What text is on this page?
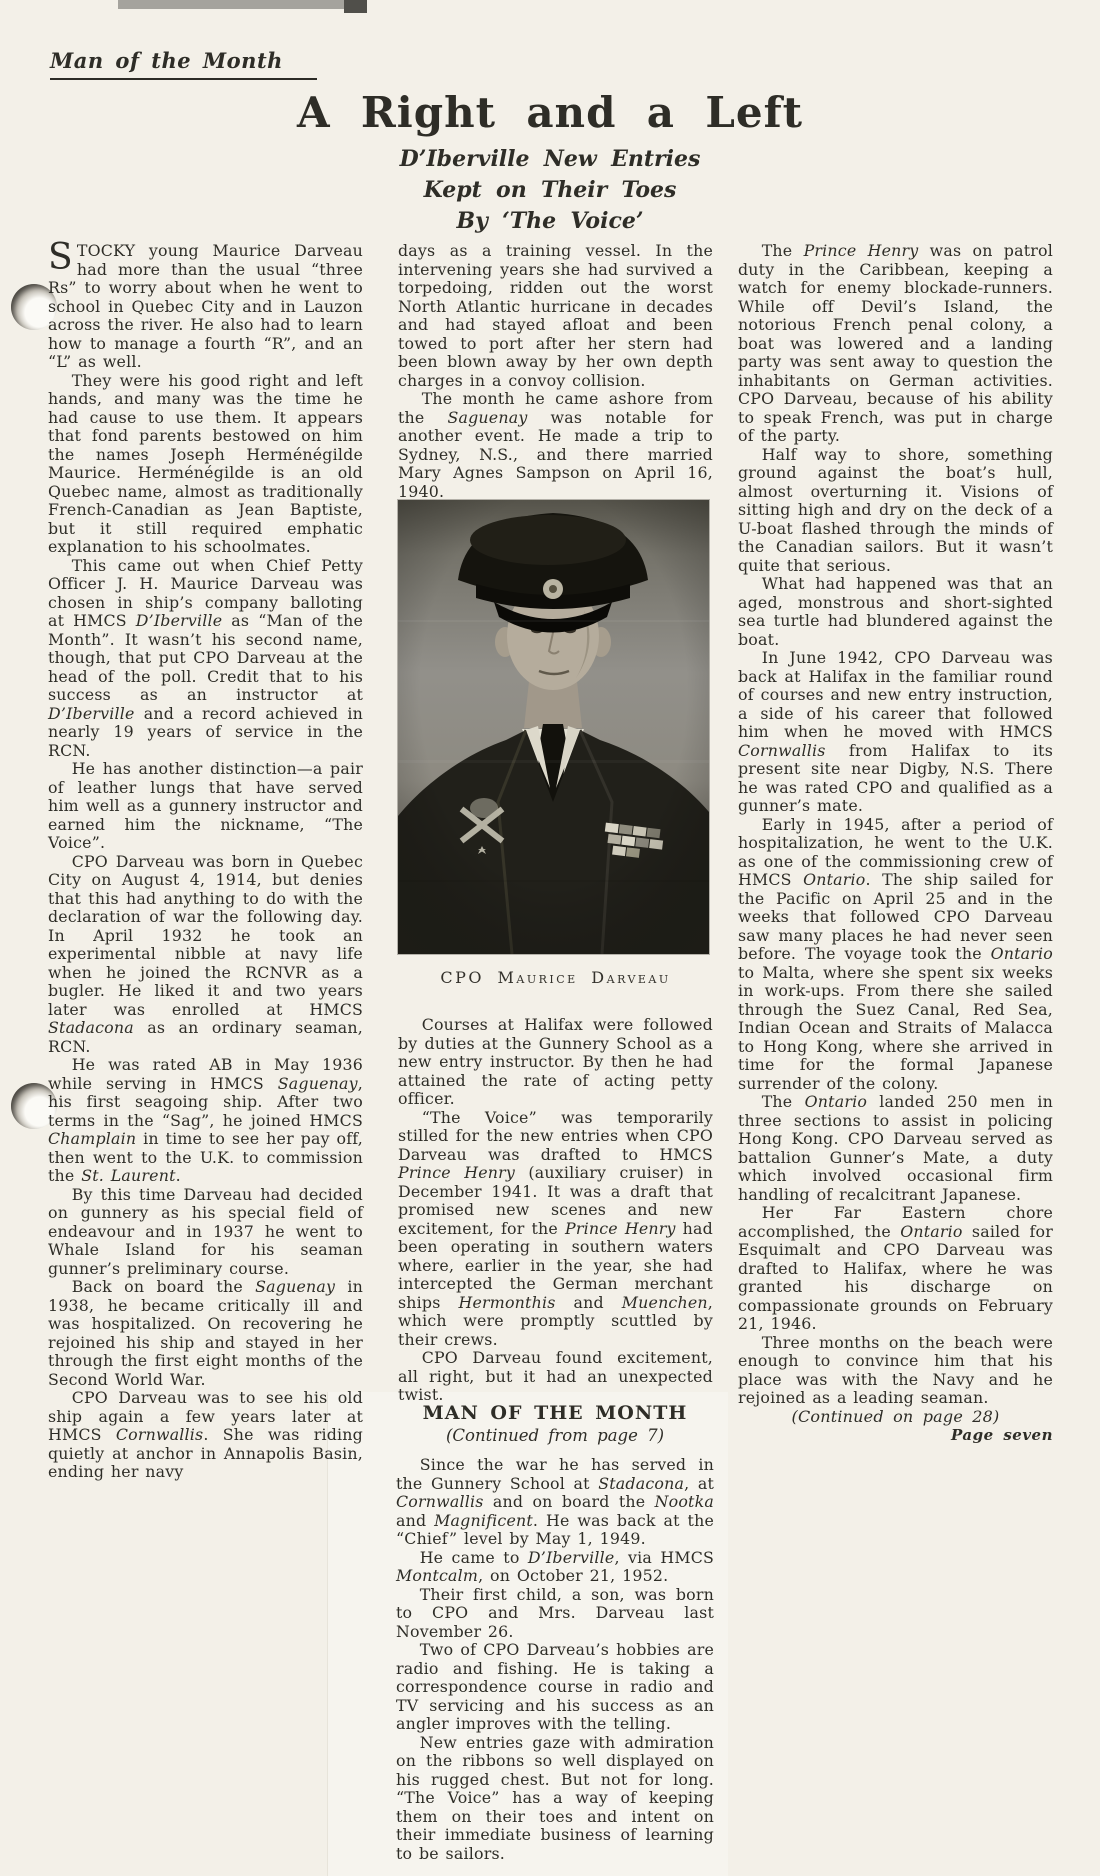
Man of the Month
A Right and a Left
D’Iberville New Entries
Kept on Their Toes
By ‘The Voice’

STOCKY young Maurice Darveau had more than the usual “three Rs” to worry about when he went to school in Quebec City and in Lauzon across the river. He also had to learn how to manage a fourth “R”, and an “L” as well.

They were his good right and left hands, and many was the time he had cause to use them. It appears that fond parents bestowed on him the names Joseph Herménégilde Maurice. Herménégilde is an old Quebec name, almost as traditionally French-Canadian as Jean Baptiste, but it still required emphatic explanation to his schoolmates.

This came out when Chief Petty Officer J. H. Maurice Darveau was chosen in ship’s company balloting at HMCS D’Iberville as “Man of the Month”. It wasn’t his second name, though, that put CPO Darveau at the head of the poll. Credit that to his success as an instructor at D’Iberville and a record achieved in nearly 19 years of service in the RCN.

He has another distinction—a pair of leather lungs that have served him well as a gunnery instructor and earned him the nickname, “The Voice”.

CPO Darveau was born in Quebec City on August 4, 1914, but denies that this had anything to do with the declaration of war the following day. In April 1932 he took an experimental nibble at navy life when he joined the RCNVR as a bugler. He liked it and two years later was enrolled at HMCS Stadacona as an ordinary seaman, RCN.

He was rated AB in May 1936 while serving in HMCS Saguenay, his first seagoing ship. After two terms in the “Sag”, he joined HMCS Champlain in time to see her pay off, then went to the U.K. to commission the St. Laurent.

By this time Darveau had decided on gunnery as his special field of endeavour and in 1937 he went to Whale Island for his seaman gunner’s preliminary course.

Back on board the Saguenay in 1938, he became critically ill and was hospitalized. On recovering he rejoined his ship and stayed in her through the first eight months of the Second World War.

CPO Darveau was to see his old ship again a few years later at HMCS Cornwallis. She was riding quietly at anchor in Annapolis Basin, ending her navy

days as a training vessel. In the intervening years she had survived a torpedoing, ridden out the worst North Atlantic hurricane in decades and had stayed afloat and been towed to port after her stern had been blown away by her own depth charges in a convoy collision.

The month he came ashore from the Saguenay was notable for another event. He made a trip to Sydney, N.S., and there married Mary Agnes Sampson on April 16, 1940.

CPO Maurice Darveau

Courses at Halifax were followed by duties at the Gunnery School as a new entry instructor. By then he had attained the rate of acting petty officer.

“The Voice” was temporarily stilled for the new entries when CPO Darveau was drafted to HMCS Prince Henry (auxiliary cruiser) in December 1941. It was a draft that promised new scenes and new excitement, for the Prince Henry had been operating in southern waters where, earlier in the year, she had intercepted the German merchant ships Hermonthis and Muenchen, which were promptly scuttled by their crews.

CPO Darveau found excitement, all right, but it had an unexpected twist.

The Prince Henry was on patrol duty in the Caribbean, keeping a watch for enemy blockade-runners. While off Devil’s Island, the notorious French penal colony, a boat was lowered and a landing party was sent away to question the inhabitants on German activities. CPO Darveau, because of his ability to speak French, was put in charge of the party.

Half way to shore, something ground against the boat’s hull, almost overturning it. Visions of sitting high and dry on the deck of a U-boat flashed through the minds of the Canadian sailors. But it wasn’t quite that serious.

What had happened was that an aged, monstrous and short-sighted sea turtle had blundered against the boat.

In June 1942, CPO Darveau was back at Halifax in the familiar round of courses and new entry instruction, a side of his career that followed him when he moved with HMCS Cornwallis from Halifax to its present site near Digby, N.S. There he was rated CPO and qualified as a gunner’s mate.

Early in 1945, after a period of hospitalization, he went to the U.K. as one of the commissioning crew of HMCS Ontario. The ship sailed for the Pacific on April 25 and in the weeks that followed CPO Darveau saw many places he had never seen before. The voyage took the Ontario to Malta, where she spent six weeks in work-ups. From there she sailed through the Suez Canal, Red Sea, Indian Ocean and Straits of Malacca to Hong Kong, where she arrived in time for the formal Japanese surrender of the colony.

The Ontario landed 250 men in three sections to assist in policing Hong Kong. CPO Darveau served as battalion Gunner’s Mate, a duty which involved occasional firm handling of recalcitrant Japanese.

Her Far Eastern chore accomplished, the Ontario sailed for Esquimalt and CPO Darveau was drafted to Halifax, where he was granted his discharge on compassionate grounds on February 21, 1946.

Three months on the beach were enough to convince him that his place was with the Navy and he rejoined as a leading seaman.

(Continued on page 28)

Page seven

MAN OF THE MONTH
(Continued from page 7)

Since the war he has served in the Gunnery School at Stadacona, at Cornwallis and on board the Nootka and Magnificent. He was back at the “Chief” level by May 1, 1949.

He came to D’Iberville, via HMCS Montcalm, on October 21, 1952.

Their first child, a son, was born to CPO and Mrs. Darveau last November 26.

Two of CPO Darveau’s hobbies are radio and fishing. He is taking a correspondence course in radio and TV servicing and his success as an angler improves with the telling.

New entries gaze with admiration on the ribbons so well displayed on his rugged chest. But not for long. “The Voice” has a way of keeping them on their toes and intent on their immediate business of learning to be sailors.
